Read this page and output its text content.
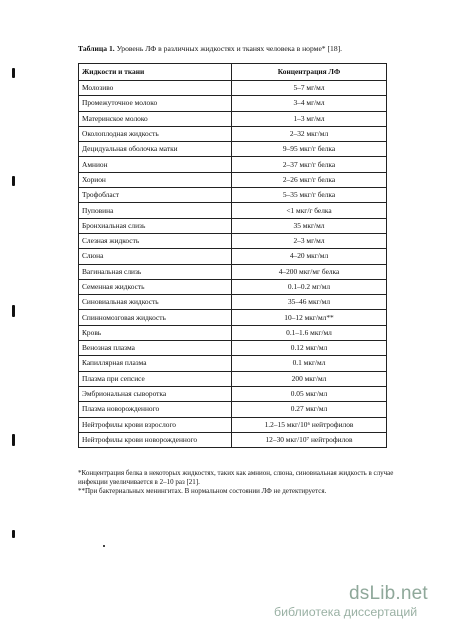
Таблица 1. Уровень ЛФ в различных жидкостях и тканях человека в норме* [18].
Жидкости и ткани	Концентрация ЛФ
Молозиво	5–7 мг/мл
Промежуточное молоко	3–4 мг/мл
Материнское молоко	1–3 мг/мл
Околоплодная жидкость	2–32 мкг/мл
Децидуальная оболочка матки	9–95 мкг/г белка
Амнион	2–37 мкг/г белка
Хорион	2–26 мкг/г белка
Трофобласт	5–35 мкг/г белка
Пуповина	<1 мкг/г белка
Бронхиальная слизь	35 мкг/мл
Слезная жидкость	2–3 мг/мл
Слюна	4–20 мкг/мл
Вагинальная слизь	4–200 мкг/мг белка
Семенная жидкость	0.1–0.2 мг/мл
Синовиальная жидкость	35–46 мкг/мл
Спинномозговая жидкость	10–12 мкг/мл**
Кровь	0.1–1.6 мкг/мл
Венозная плазма	0.12 мкг/мл
Капиллярная плазма	0.1 мкг/мл
Плазма при сепсисе	200 мкг/мл
Эмбриональная сыворотка	0.05 мкг/мл
Плазма новорожденного	0.27 мкг/мл
Нейтрофилы крови взрослого	1.2–15 мкг/10⁶ нейтрофилов
Нейтрофилы крови новорожденного	12–30 мкг/10⁷ нейтрофилов

*Концентрация белка в некоторых жидкостях, таких как амнион, слюна, синовиальная жидкость в случае инфекции увеличивается в 2–10 раз [21].

**При бактериальных менингитах. В нормальном состоянии ЛФ не детектируется.

dsLib.net
библиотека диссертаций
